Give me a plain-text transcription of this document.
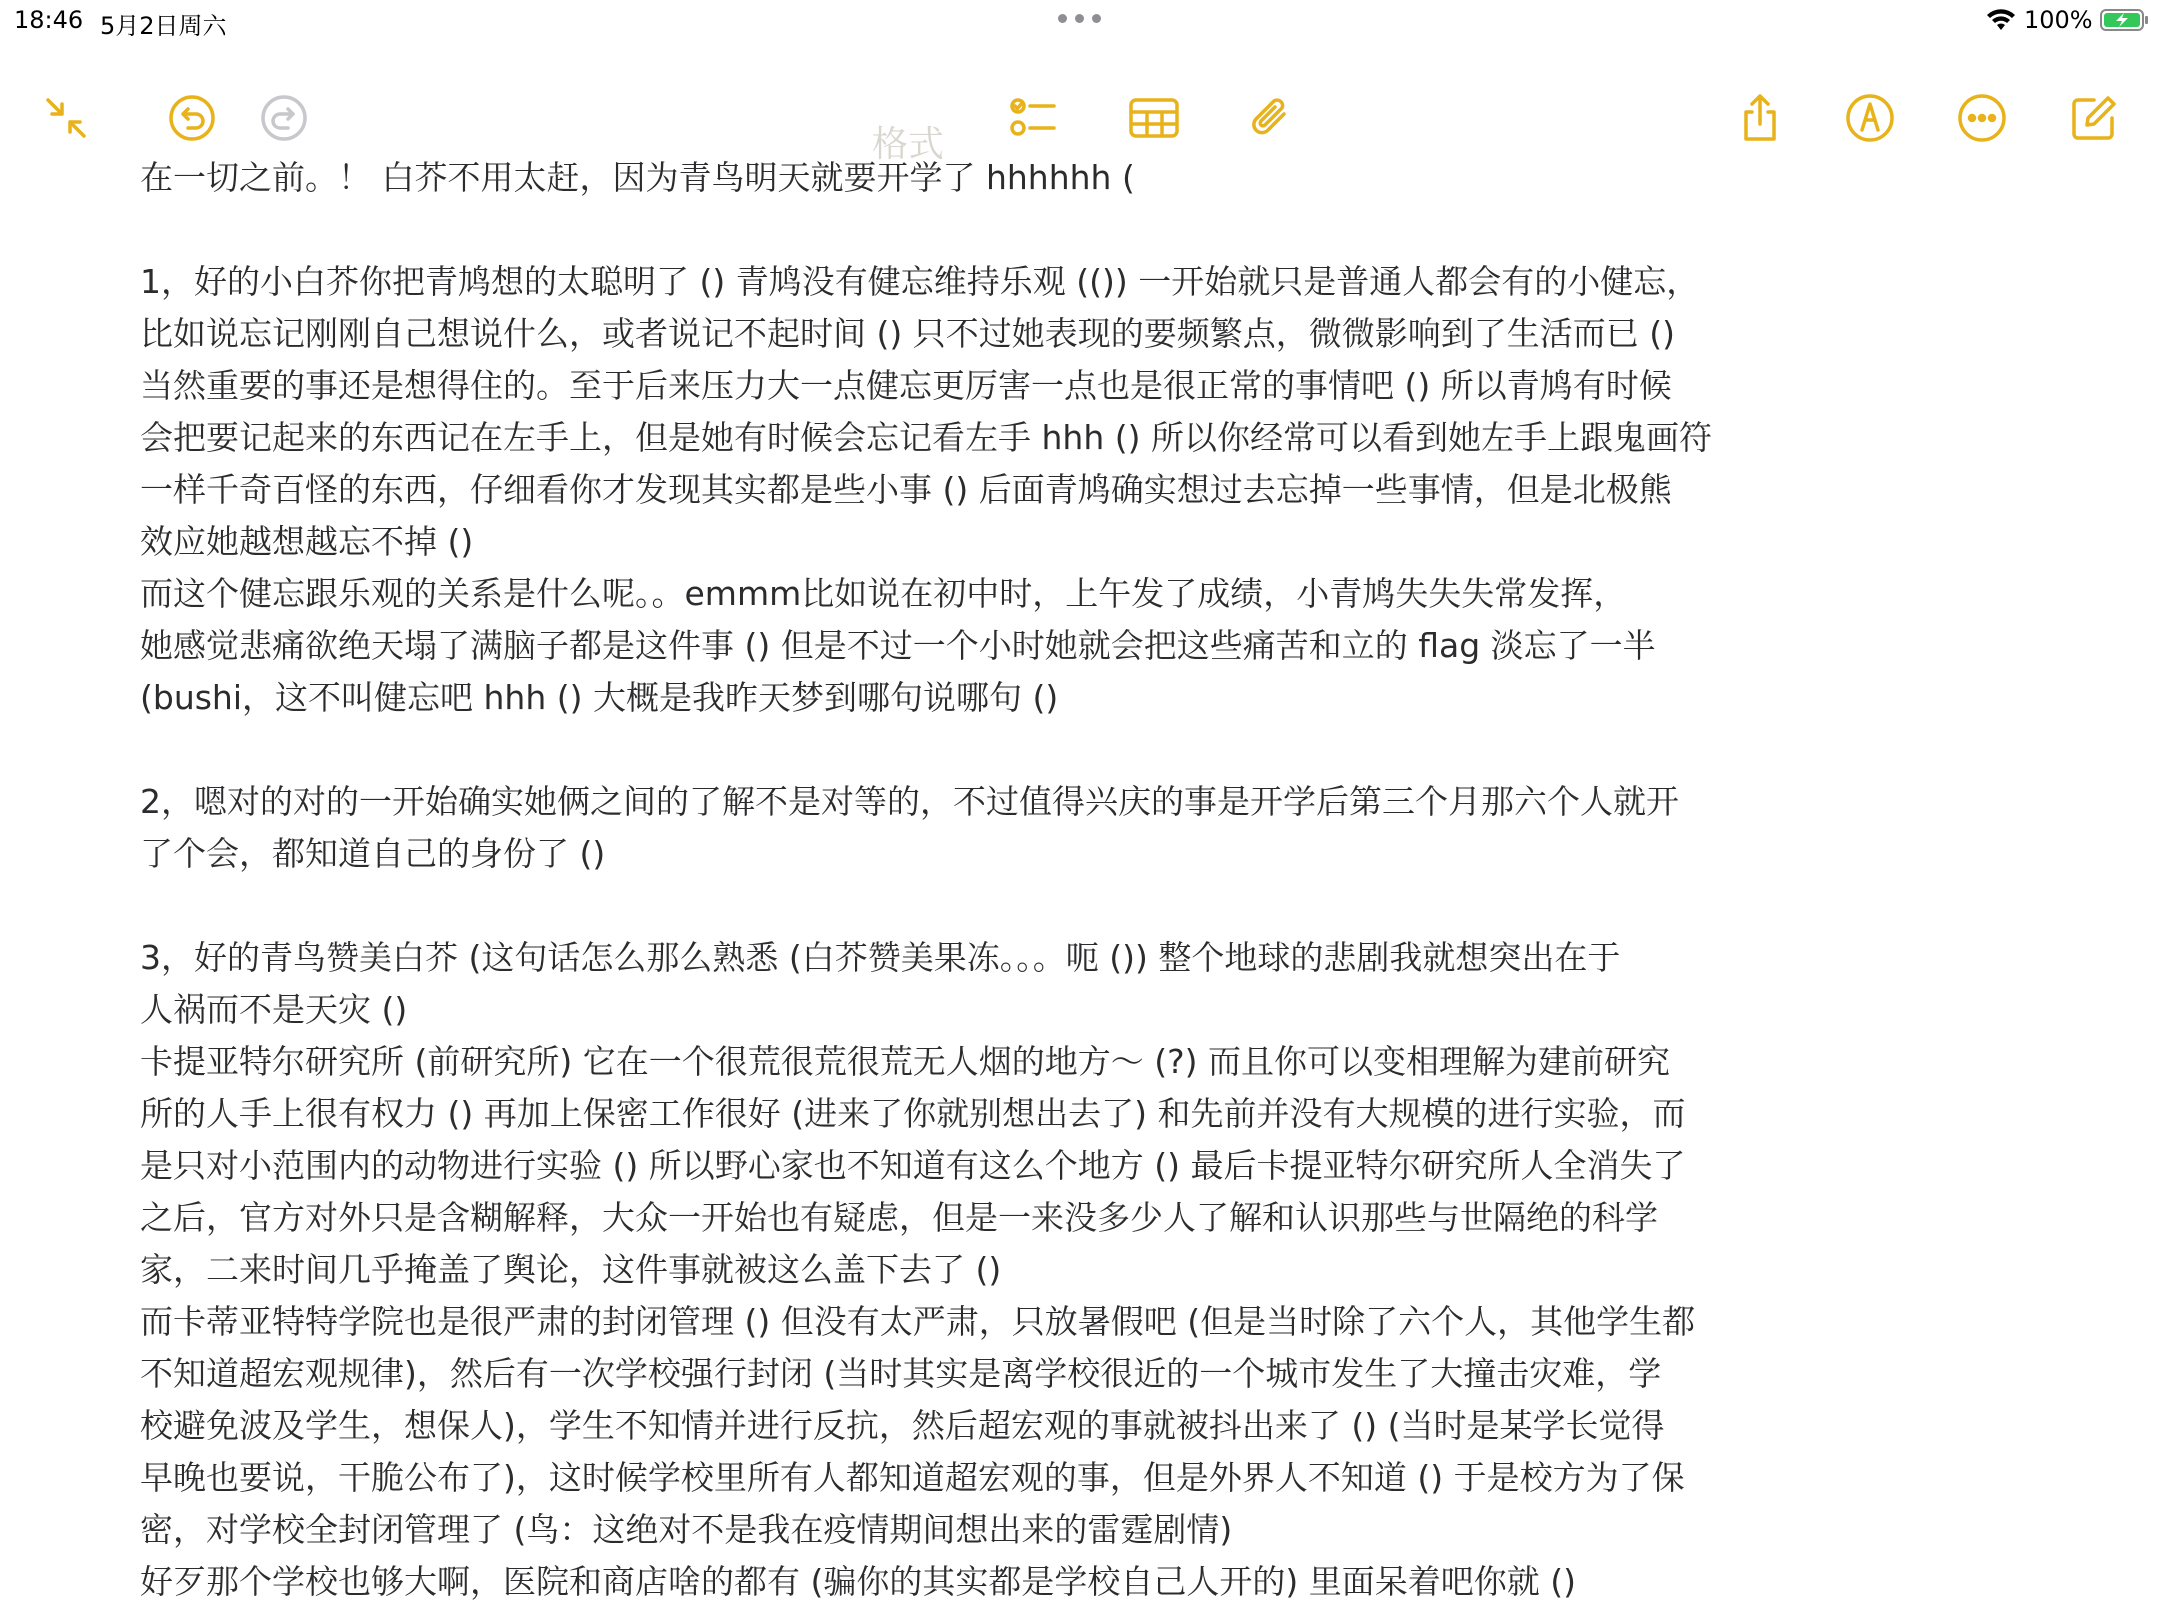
18:46 5月2日周六	100%
格式

在一切之前。！ 白芥不用太赶，因为青鸟明天就要开学了 hhhhhh (

1，好的小白芥你把青鸠想的太聪明了 () 青鸠没有健忘维持乐观 (()) 一开始就只是普通人都会有的小健忘，

比如说忘记刚刚自己想说什么，或者说记不起时间 () 只不过她表现的要频繁点，微微影响到了生活而已 ()

当然重要的事还是想得住的。至于后来压力大一点健忘更厉害一点也是很正常的事情吧 () 所以青鸠有时候

会把要记起来的东西记在左手上，但是她有时候会忘记看左手 hhh () 所以你经常可以看到她左手上跟鬼画符

一样千奇百怪的东西，仔细看你才发现其实都是些小事 () 后面青鸠确实想过去忘掉一些事情，但是北极熊

效应她越想越忘不掉 ()

而这个健忘跟乐观的关系是什么呢。。emmm比如说在初中时，上午发了成绩，小青鸠失失失常发挥，

她感觉悲痛欲绝天塌了满脑子都是这件事 () 但是不过一个小时她就会把这些痛苦和立的 flag 淡忘了一半

(bushi，这不叫健忘吧 hhh () 大概是我昨天梦到哪句说哪句 ()

2，嗯对的对的一开始确实她俩之间的了解不是对等的，不过值得兴庆的事是开学后第三个月那六个人就开

了个会，都知道自己的身份了 ()

3，好的青鸟赞美白芥 (这句话怎么那么熟悉 (白芥赞美果冻。。。呃 ()) 整个地球的悲剧我就想突出在于

人祸而不是天灾 ()

卡提亚特尔研究所 (前研究所) 它在一个很荒很荒很荒无人烟的地方～ (?) 而且你可以变相理解为建前研究

所的人手上很有权力 () 再加上保密工作很好 (进来了你就别想出去了) 和先前并没有大规模的进行实验，而

是只对小范围内的动物进行实验 () 所以野心家也不知道有这么个地方 () 最后卡提亚特尔研究所人全消失了

之后，官方对外只是含糊解释，大众一开始也有疑虑，但是一来没多少人了解和认识那些与世隔绝的科学

家，二来时间几乎掩盖了舆论，这件事就被这么盖下去了 ()

而卡蒂亚特特学院也是很严肃的封闭管理 () 但没有太严肃，只放暑假吧 (但是当时除了六个人，其他学生都

不知道超宏观规律)，然后有一次学校强行封闭 (当时其实是离学校很近的一个城市发生了大撞击灾难，学

校避免波及学生，想保人)，学生不知情并进行反抗，然后超宏观的事就被抖出来了 () (当时是某学长觉得

早晚也要说，干脆公布了)，这时候学校里所有人都知道超宏观的事，但是外界人不知道 () 于是校方为了保

密，对学校全封闭管理了 (鸟：这绝对不是我在疫情期间想出来的雷霆剧情)

好歹那个学校也够大啊，医院和商店啥的都有 (骗你的其实都是学校自己人开的) 里面呆着吧你就 ()
